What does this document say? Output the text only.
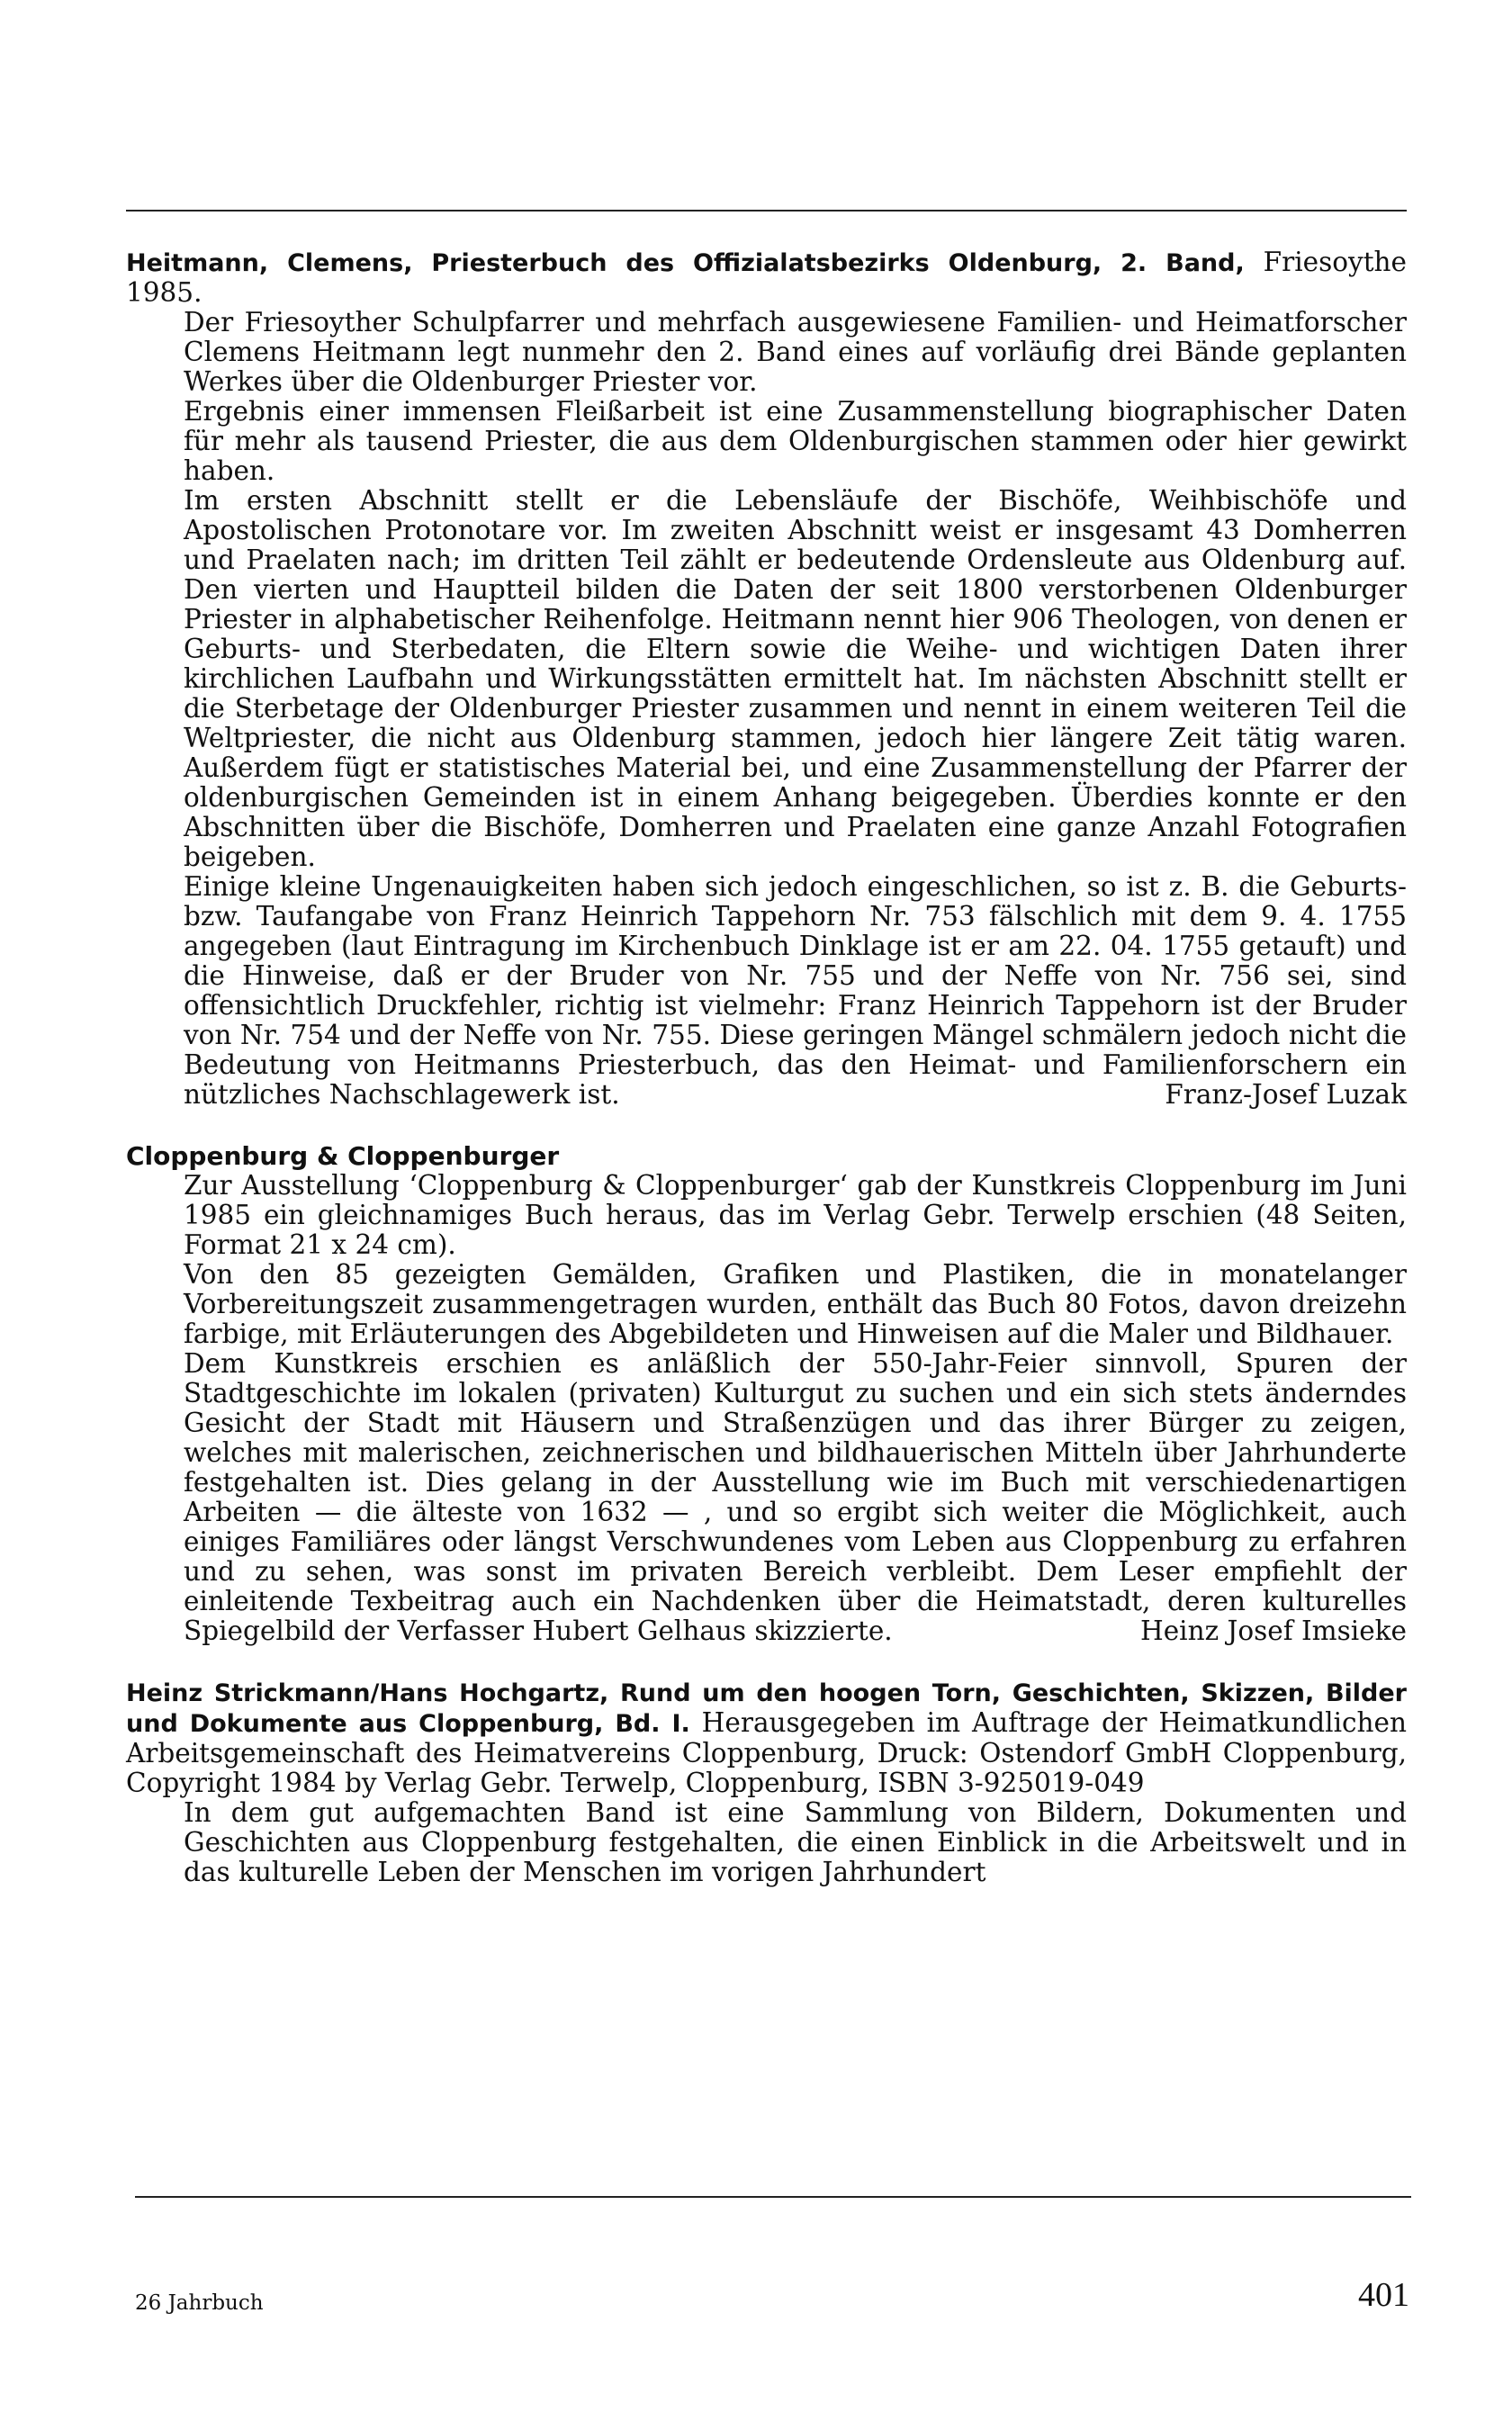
Heitmann, Clemens, Priesterbuch des Offizialatsbezirks Oldenburg, 2. Band, Friesoythe 1985.

Der Friesoyther Schulpfarrer und mehrfach ausgewiesene Familien- und Heimatforscher Clemens Heitmann legt nunmehr den 2. Band eines auf vorläufig drei Bände geplanten Werkes über die Oldenburger Priester vor.

Ergebnis einer immensen Fleißarbeit ist eine Zusammenstellung biographischer Daten für mehr als tausend Priester, die aus dem Oldenburgischen stammen oder hier gewirkt haben.

Im ersten Abschnitt stellt er die Lebensläufe der Bischöfe, Weihbischöfe und Apostolischen Protonotare vor. Im zweiten Abschnitt weist er insgesamt 43 Domherren und Praelaten nach; im dritten Teil zählt er bedeutende Ordensleute aus Oldenburg auf. Den vierten und Hauptteil bilden die Daten der seit 1800 verstorbenen Oldenburger Priester in alphabetischer Reihenfolge. Heitmann nennt hier 906 Theologen, von denen er Geburts- und Sterbedaten, die Eltern sowie die Weihe- und wichtigen Daten ihrer kirchlichen Laufbahn und Wirkungsstätten ermittelt hat. Im nächsten Abschnitt stellt er die Sterbetage der Oldenburger Priester zusammen und nennt in einem weiteren Teil die Weltpriester, die nicht aus Oldenburg stammen, jedoch hier längere Zeit tätig waren. Außerdem fügt er statistisches Material bei, und eine Zusammenstellung der Pfarrer der oldenburgischen Gemeinden ist in einem Anhang beigegeben. Überdies konnte er den Abschnitten über die Bischöfe, Domherren und Praelaten eine ganze Anzahl Fotografien beigeben.

Einige kleine Ungenauigkeiten haben sich jedoch eingeschlichen, so ist z. B. die Geburts- bzw. Taufangabe von Franz Heinrich Tappehorn Nr. 753 fälschlich mit dem 9. 4. 1755 angegeben (laut Eintragung im Kirchenbuch Dinklage ist er am 22. 04. 1755 getauft) und die Hinweise, daß er der Bruder von Nr. 755 und der Neffe von Nr. 756 sei, sind offensichtlich Druckfehler, richtig ist vielmehr: Franz Heinrich Tappehorn ist der Bruder von Nr. 754 und der Neffe von Nr. 755. Diese geringen Mängel schmälern jedoch nicht die Bedeutung von Heitmanns Priesterbuch, das den Heimat- und Familienforschern ein nützliches Nachschlagewerk ist.	Franz-Josef Luzak

Cloppenburg & Cloppenburger

Zur Ausstellung ‘Cloppenburg & Cloppenburger‘ gab der Kunstkreis Cloppenburg im Juni 1985 ein gleichnamiges Buch heraus, das im Verlag Gebr. Terwelp erschien (48 Seiten, Format 21 x 24 cm).

Von den 85 gezeigten Gemälden, Grafiken und Plastiken, die in monatelanger Vorbereitungszeit zusammengetragen wurden, enthält das Buch 80 Fotos, davon dreizehn farbige, mit Erläuterungen des Abgebildeten und Hinweisen auf die Maler und Bildhauer.

Dem Kunstkreis erschien es anläßlich der 550-Jahr-Feier sinnvoll, Spuren der Stadtgeschichte im lokalen (privaten) Kulturgut zu suchen und ein sich stets änderndes Gesicht der Stadt mit Häusern und Straßenzügen und das ihrer Bürger zu zeigen, welches mit malerischen, zeichnerischen und bildhauerischen Mitteln über Jahrhunderte festgehalten ist. Dies gelang in der Ausstellung wie im Buch mit verschiedenartigen Arbeiten — die älteste von 1632 — , und so ergibt sich weiter die Möglichkeit, auch einiges Familiäres oder längst Verschwundenes vom Leben aus Cloppenburg zu erfahren und zu sehen, was sonst im privaten Bereich verbleibt. Dem Leser empfiehlt der einleitende Texbeitrag auch ein Nachdenken über die Heimatstadt, deren kulturelles Spiegelbild der Verfasser Hubert Gelhaus skizzierte.	Heinz Josef Imsieke

Heinz Strickmann/Hans Hochgartz, Rund um den hoogen Torn, Geschichten, Skizzen, Bilder und Dokumente aus Cloppenburg, Bd. I. Herausgegeben im Auftrage der Heimatkundlichen Arbeitsgemeinschaft des Heimatvereins Cloppenburg, Druck: Ostendorf GmbH Cloppenburg, Copyright 1984 by Verlag Gebr. Terwelp, Cloppenburg, ISBN 3-925019-049

In dem gut aufgemachten Band ist eine Sammlung von Bildern, Dokumenten und Geschichten aus Cloppenburg festgehalten, die einen Einblick in die Arbeitswelt und in das kulturelle Leben der Menschen im vorigen Jahrhundert

26 Jahrbuch	401
